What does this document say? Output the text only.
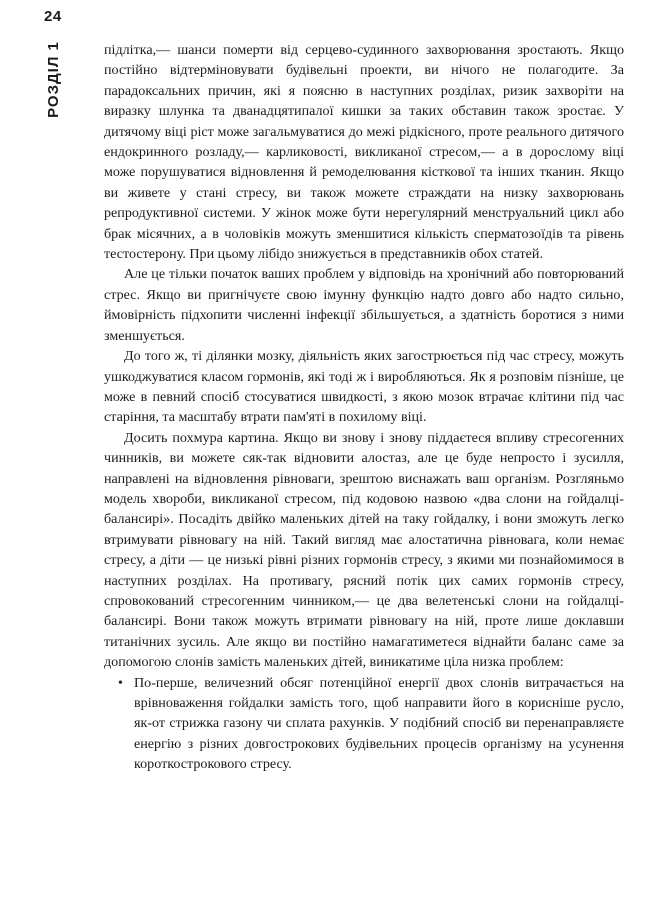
24
РОЗДІЛ 1	підлітка,— шанси померти від серцево-судинного захворювання зростають. Якщо постійно відтерміновувати будівельні проекти, ви нічого не полагодите. За парадоксальних причин, які я поясню в наступних розділах, ризик захворіти на виразку шлунка та дванадцятипалої кишки за таких обставин також зростає. У дитячому віці ріст може загальмуватися до межі рідкісного, проте реального дитячого ендокринного розладу,— карликовості, викликаної стресом,— а в дорослому віці може порушуватися відновлення й ремоделювання кісткової та інших тканин. Якщо ви живете у стані стресу, ви також можете страждати на низку захворювань репродуктивної системи. У жінок може бути нерегулярний менструальний цикл або брак місячних, а в чоловіків можуть зменшитися кількість сперматозоїдів та рівень тестостерону. При цьому лібідо знижується в представників обох статей.

Але це тільки початок ваших проблем у відповідь на хронічний або повторюваний стрес. Якщо ви пригнічуєте свою імунну функцію надто довго або надто сильно, ймовірність підхопити численні інфекції збільшується, а здатність боротися з ними зменшується.

До того ж, ті ділянки мозку, діяльність яких загострюється під час стресу, можуть ушкоджуватися класом гормонів, які тоді ж і виробляються. Як я розповім пізніше, це може в певний спосіб стосуватися швидкості, з якою мозок втрачає клітини під час старіння, та масштабу втрати пам'яті в похилому віці.

Досить похмура картина. Якщо ви знову і знову піддаєтеся впливу стресогенних чинників, ви можете сяк-так відновити алостаз, але це буде непросто і зусилля, направлені на відновлення рівноваги, зрештою виснажать ваш організм. Розгляньмо модель хвороби, викликаної стресом, під кодовою назвою «два слони на гойдалці-балансирі». Посадіть двійко маленьких дітей на таку гойдалку, і вони зможуть легко втримувати рівновагу на ній. Такий вигляд має алостатична рівновага, коли немає стресу, а діти — це низькі рівні різних гормонів стресу, з якими ми познайомимося в наступних розділах. На противагу, рясний потік цих самих гормонів стресу, спровокований стресогенним чинником,— це два велетенські слони на гойдалці-балансирі. Вони також можуть втримати рівновагу на ній, проте лише доклавши титанічних зусиль. Але якщо ви постійно намагатиметеся віднайти баланс саме за допомогою слонів замість маленьких дітей, виникатиме ціла низка проблем:

• По-перше, величезний обсяг потенційної енергії двох слонів витрачається на врівноваження гойдалки замість того, щоб направити його в корисніше русло, як-от стрижка газону чи сплата рахунків. У подібний спосіб ви перенаправляєте енергію з різних довгострокових будівельних процесів організму на усунення короткострокового стресу.
